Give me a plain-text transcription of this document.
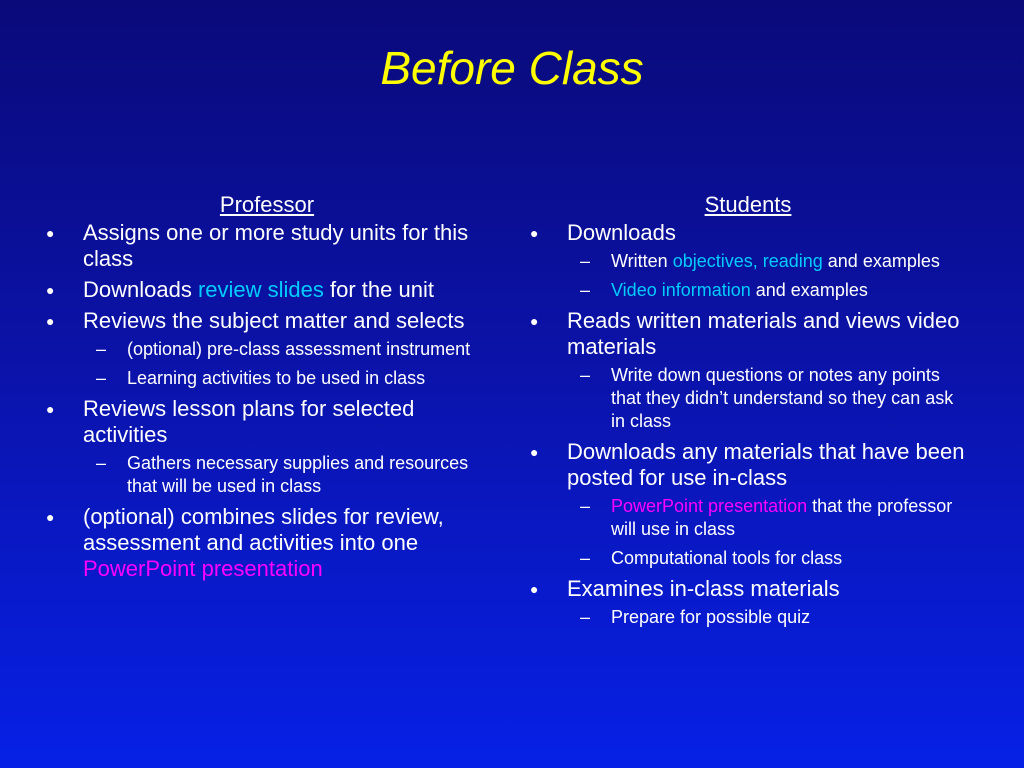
Before Class
Professor
● Assigns one or more study units for this class
● Downloads review slides for the unit
● Reviews the subject matter and selects
– (optional) pre-class assessment instrument
– Learning activities to be used in class
● Reviews lesson plans for selected activities
– Gathers necessary supplies and resources that will be used in class
● (optional) combines slides for review, assessment and activities into one PowerPoint presentation
Students
● Downloads
– Written objectives, reading and examples
– Video information and examples
● Reads written materials and views video materials
– Write down questions or notes any points that they didn’t understand so they can ask in class
● Downloads any materials that have been posted for use in-class
– PowerPoint presentation that the professor will use in class
– Computational tools for class
● Examines in-class materials
– Prepare for possible quiz
